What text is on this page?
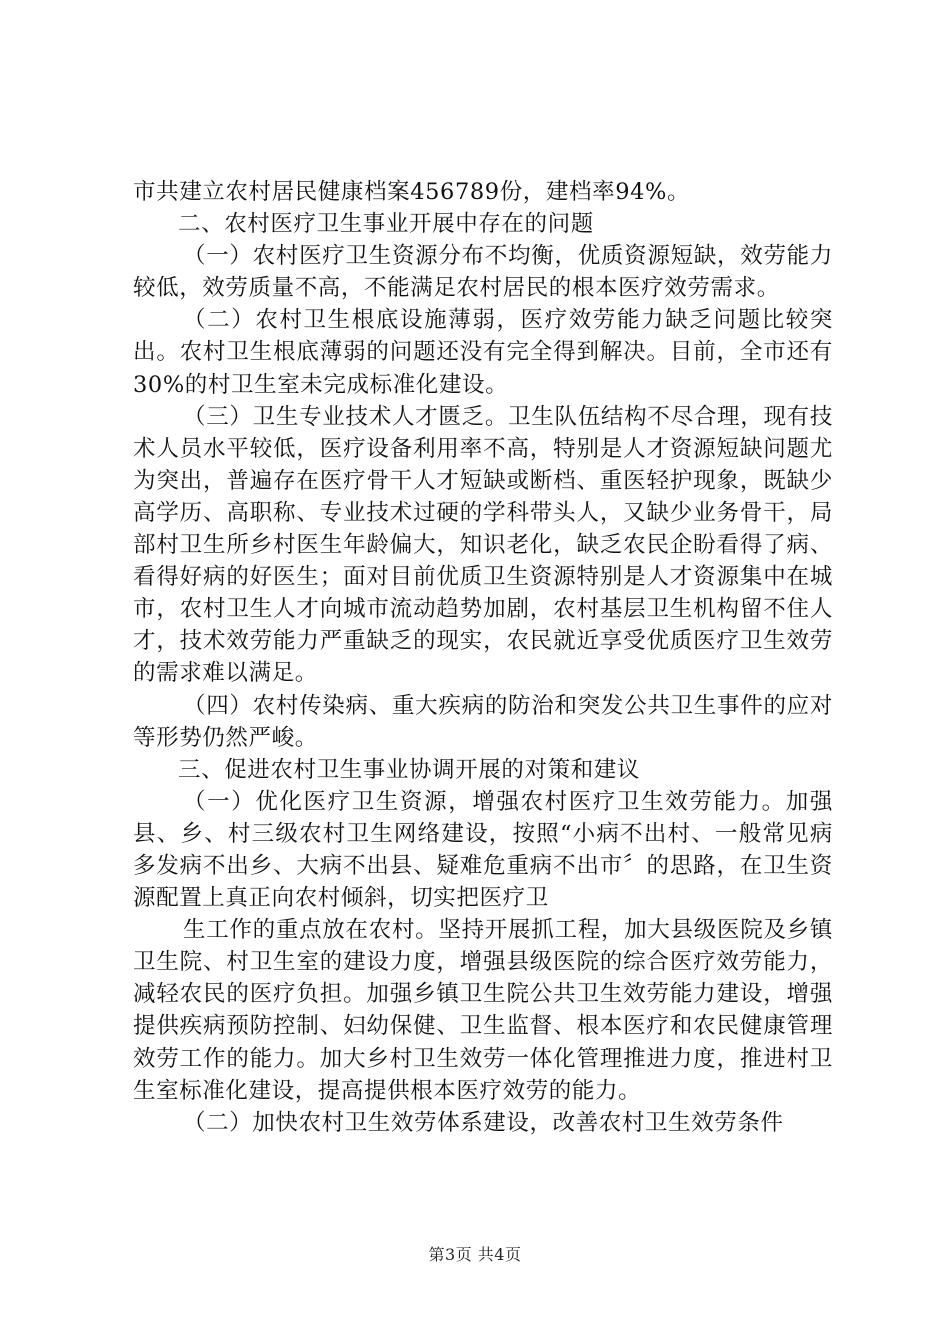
市共建立农村居民健康档案456789份，建档率94%。

二、农村医疗卫生事业开展中存在的问题

（一）农村医疗卫生资源分布不均衡，优质资源短缺，效劳能力较低，效劳质量不高，不能满足农村居民的根本医疗效劳需求。

（二）农村卫生根底设施薄弱，医疗效劳能力缺乏问题比较突出。农村卫生根底薄弱的问题还没有完全得到解决。目前，全市还有30%的村卫生室未完成标准化建设。

（三）卫生专业技术人才匮乏。卫生队伍结构不尽合理，现有技术人员水平较低，医疗设备利用率不高，特别是人才资源短缺问题尤为突出，普遍存在医疗骨干人才短缺或断档、重医轻护现象，既缺少高学历、高职称、专业技术过硬的学科带头人，又缺少业务骨干，局部村卫生所乡村医生年龄偏大，知识老化，缺乏农民企盼看得了病、看得好病的好医生；面对目前优质卫生资源特别是人才资源集中在城市，农村卫生人才向城市流动趋势加剧，农村基层卫生机构留不住人才，技术效劳能力严重缺乏的现实，农民就近享受优质医疗卫生效劳的需求难以满足。

（四）农村传染病、重大疾病的防治和突发公共卫生事件的应对等形势仍然严峻。

三、促进农村卫生事业协调开展的对策和建议

（一）优化医疗卫生资源，增强农村医疗卫生效劳能力。加强县、乡、村三级农村卫生网络建设，按照“小病不出村、一般常见病多发病不出乡、大病不出县、疑难危重病不出市〞的思路，在卫生资源配置上真正向农村倾斜，切实把医疗卫

生工作的重点放在农村。坚持开展抓工程，加大县级医院及乡镇卫生院、村卫生室的建设力度，增强县级医院的综合医疗效劳能力，减轻农民的医疗负担。加强乡镇卫生院公共卫生效劳能力建设，增强提供疾病预防控制、妇幼保健、卫生监督、根本医疗和农民健康管理效劳工作的能力。加大乡村卫生效劳一体化管理推进力度，推进村卫生室标准化建设，提高提供根本医疗效劳的能力。

（二）加快农村卫生效劳体系建设，改善农村卫生效劳条件

第3页 共4页
